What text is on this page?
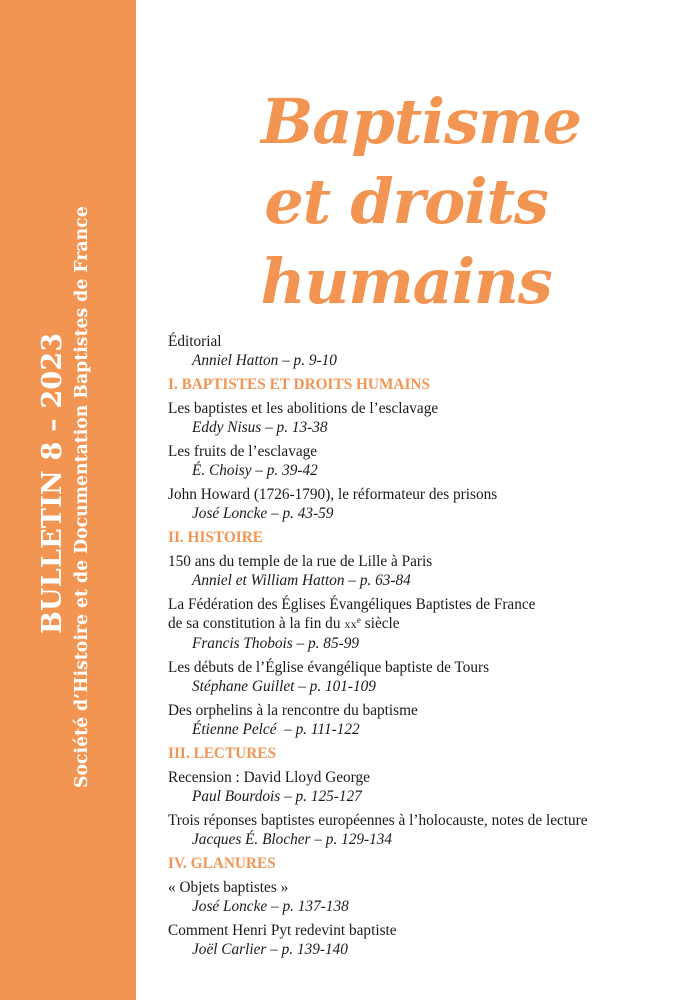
BULLETIN 8 – 2023 Société d’Histoire et de Documentation Baptistes de France
Baptisme
et droits humains
Éditorial
Anniel Hatton – p. 9-10
I. BAPTISTES ET DROITS HUMAINS
Les baptistes et les abolitions de l’esclavage
Eddy Nisus – p. 13-38
Les fruits de l’esclavage
É. Choisy – p. 39-42
John Howard (1726-1790), le réformateur des prisons
José Loncke – p. 43-59
II. HISTOIRE
150 ans du temple de la rue de Lille à Paris
Anniel et William Hatton – p. 63-84
La Fédération des Églises Évangéliques Baptistes de France
de sa constitution à la fin du $xx^e$ siècle
Francis Thobois – p. 85-99
Les débuts de l’Église évangélique baptiste de Tours
Stéphane Guillet – p. 101-109
Des orphelins à la rencontre du baptisme
Étienne Pelcé  – p. 111-122
III. LECTURES
Recension : David Lloyd George
Paul Bourdois – p. 125-127
Trois réponses baptistes européennes à l’holocauste, notes de lecture
Jacques É. Blocher – p. 129-134
IV. GLANURES
« Objets baptistes »
José Loncke – p. 137-138
Comment Henri Pyt redevint baptiste
Joël Carlier – p. 139-140
